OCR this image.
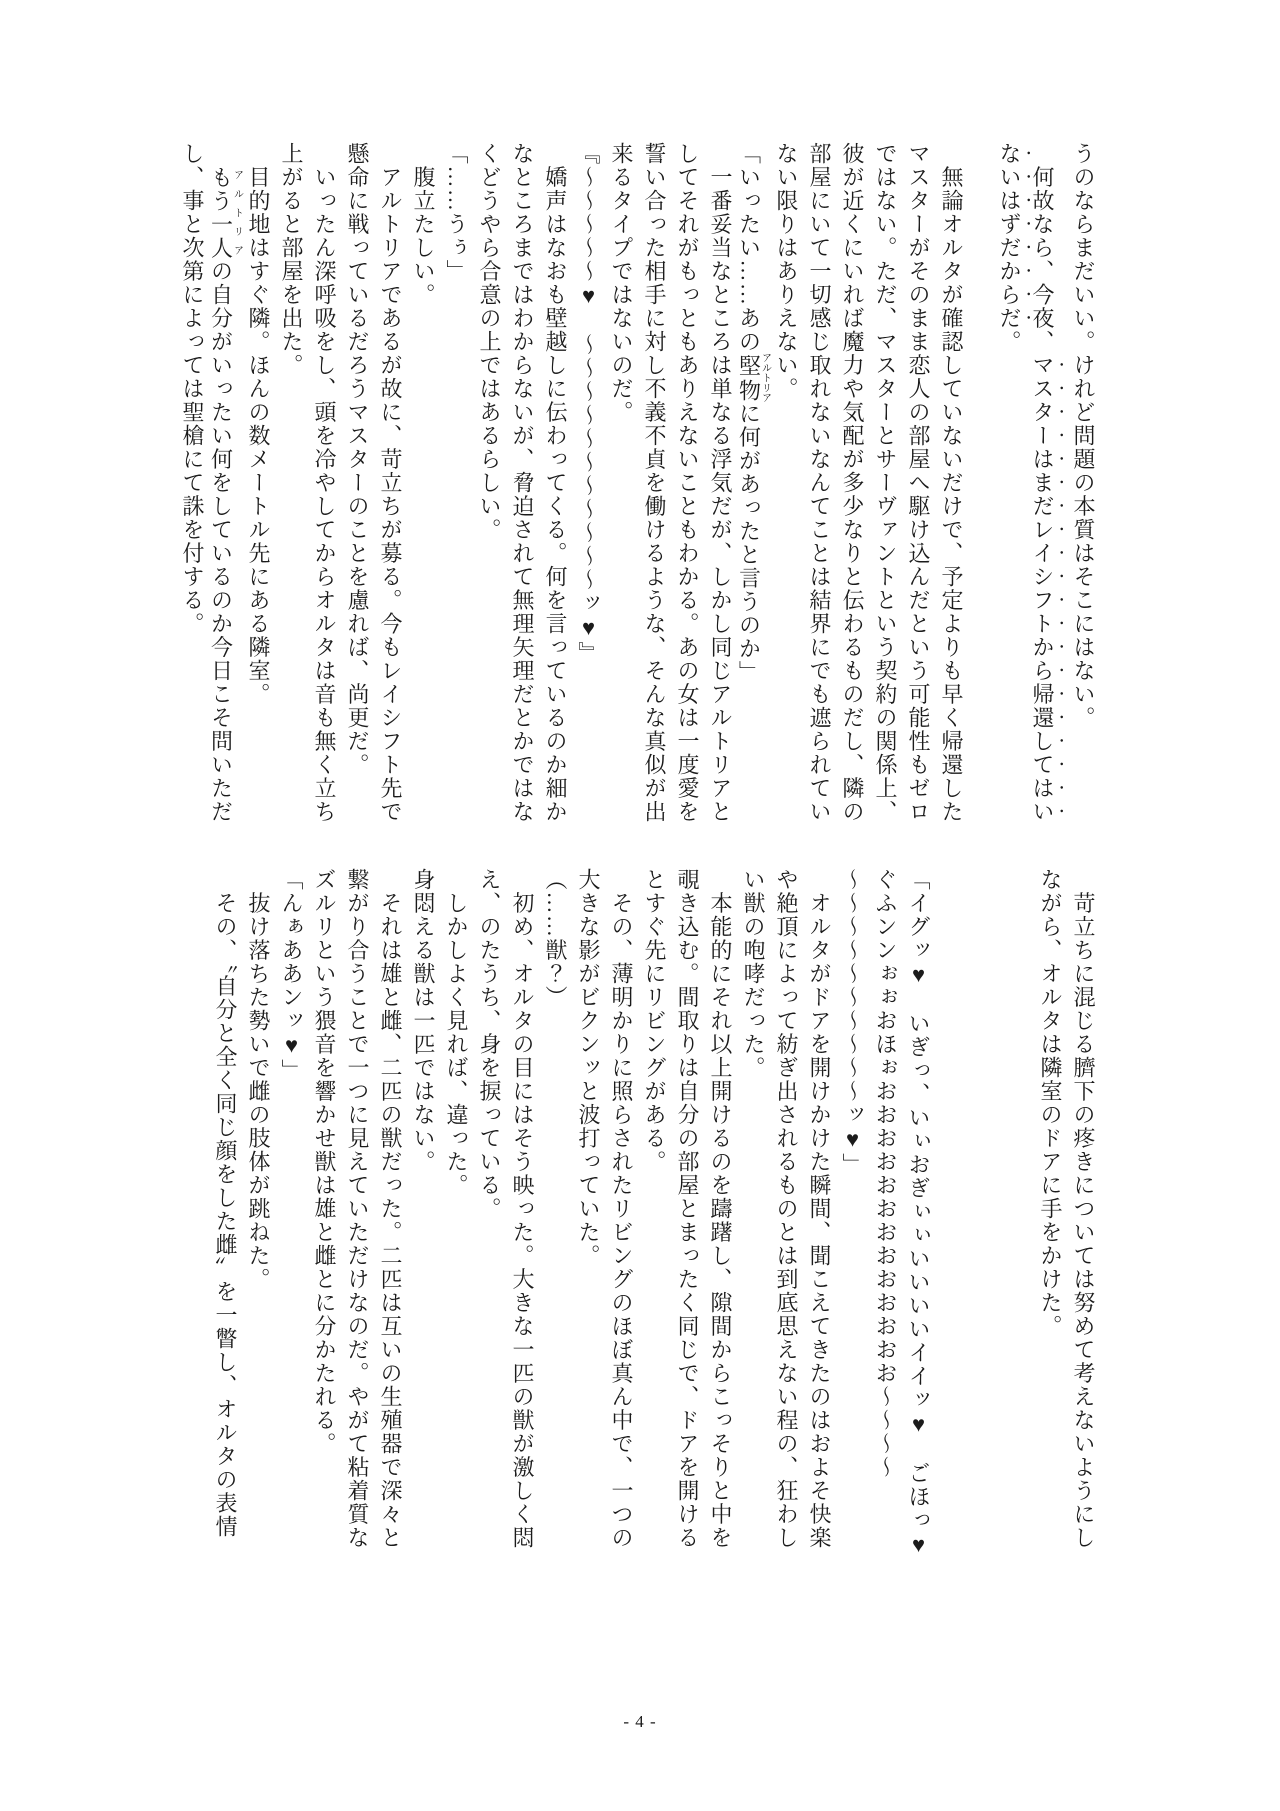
うのならまだいい。けれど問題の本質はそこにはない。
　何故なら、今夜、マスターはまだレイシフトから帰還してはい
ないはずだからだ。
　無論オルタが確認していないだけで、予定よりも早く帰還した
マスターがそのまま恋人の部屋へ駆け込んだという可能性もゼロ
ではない。ただ、マスターとサーヴァントという契約の関係上、
彼が近くにいれば魔力や気配が多少なりと伝わるものだし、隣の
部屋にいて一切感じ取れないなんてことは結界にでも遮られてい
ない限りはありえない。
「いったい……あの堅物アルトリアに何があったと言うのか」
　一番妥当なところは単なる浮気だが、しかし同じアルトリアと
してそれがもっともありえないこともわかる。あの女は一度愛を
誓い合った相手に対し不義不貞を働けるような、そんな真似が出
来るタイプではないのだ。
『～～～～～♥　～～～～～～～～～～～ッ♥』
　嬌声はなおも壁越しに伝わってくる。何を言っているのか細か
なところまではわからないが、脅迫されて無理矢理だとかではな
くどうやら合意の上ではあるらしい。
「……うぅ」
　腹立たしい。
　アルトリアであるが故に、苛立ちが募る。今もレイシフト先で
懸命に戦っているだろうマスターのことを慮れば、尚更だ。
　いったん深呼吸をし、頭を冷やしてからオルタは音も無く立ち
上がると部屋を出た。
　目的地はすぐ隣。ほんの数メートル先にある隣室。
　もう一人アルトリアの自分がいったい何をしているのか今日こそ問いただ
し、事と次第によっては聖槍にて誅を付する。
　苛立ちに混じる臍下の疼きについては努めて考えないようにし
ながら、オルタは隣室のドアに手をかけた。
「イグッ♥　いぎっ、いぃおぎぃぃいいいいイイッ♥　ごほっ♥
ぐふンンぉぉおほぉおおおおおおおおおおおおお～～～～
～～～～～～～～～～ッ♥」
　オルタがドアを開けかけた瞬間、聞こえてきたのはおよそ快楽
や絶頂によって紡ぎ出されるものとは到底思えない程の、狂わし
い獣の咆哮だった。
　本能的にそれ以上開けるのを躊躇し、隙間からこっそりと中を
覗き込む。間取りは自分の部屋とまったく同じで、ドアを開ける
とすぐ先にリビングがある。
　その、薄明かりに照らされたリビングのほぼ真ん中で、一つの
大きな影がビクンッと波打っていた。
（……獣？）
　初め、オルタの目にはそう映った。大きな一匹の獣が激しく悶
え、のたうち、身を捩っている。
　しかしよく見れば、違った。
身悶える獣は一匹ではない。
　それは雄と雌、二匹の獣だった。二匹は互いの生殖器で深々と
繋がり合うことで一つに見えていただけなのだ。やがて粘着質な
ズルリという猥音を響かせ獣は雄と雌とに分かたれる。
「んぁああンッ♥」
　抜け落ちた勢いで雌の肢体が跳ねた。
　その、〝自分と全く同じ顔をした雌〟を一瞥し、オルタの表情
- 4 -
